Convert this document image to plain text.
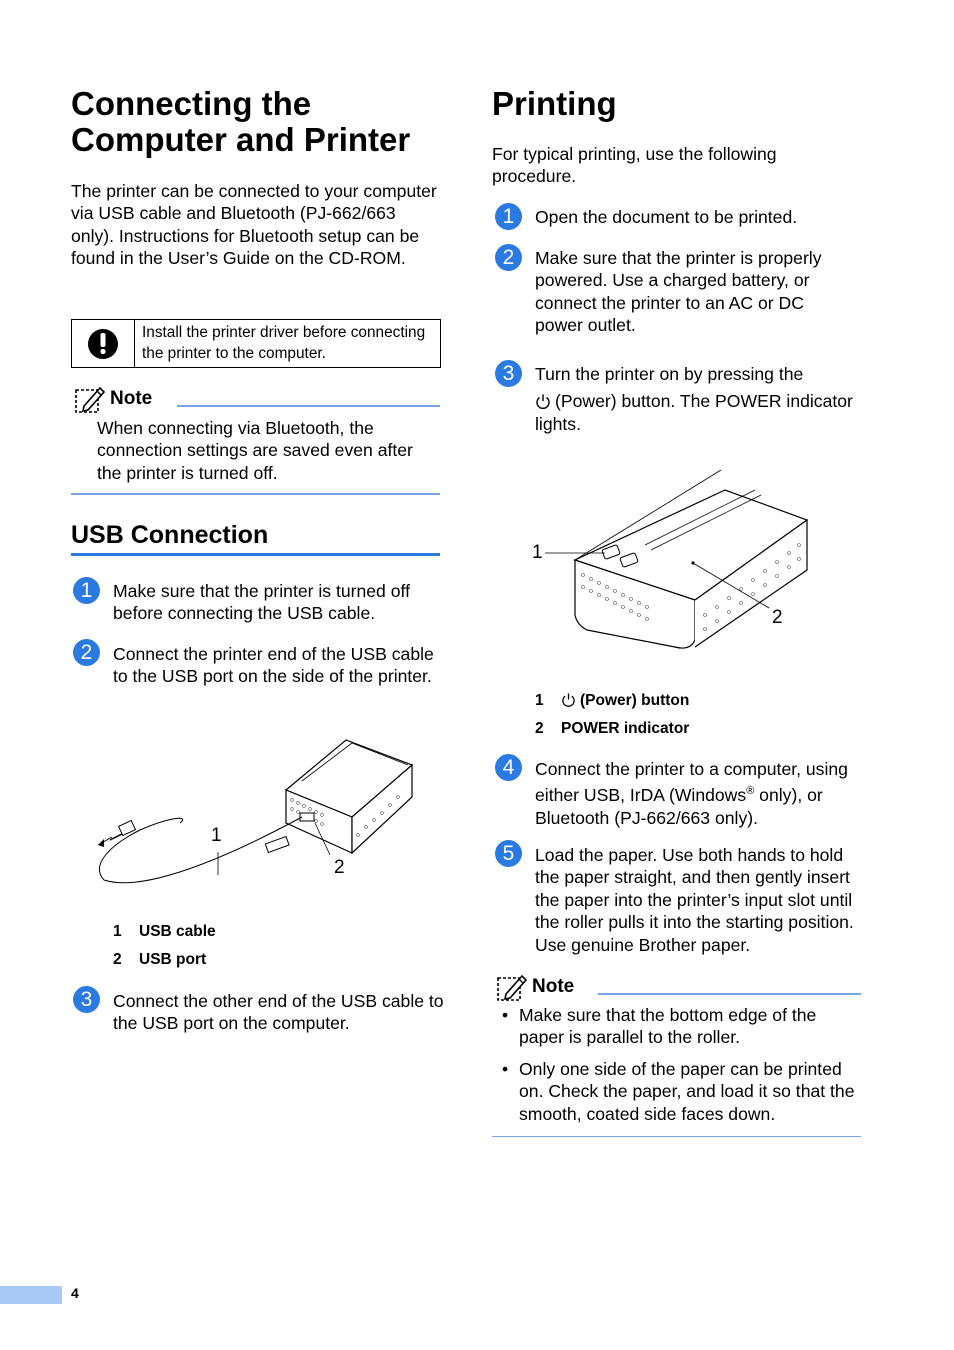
Connecting the Computer and Printer
The printer can be connected to your computer via USB cable and Bluetooth (PJ-662/663 only). Instructions for Bluetooth setup can be found in the User’s Guide on the CD-ROM.
Install the printer driver before connecting the printer to the computer.
Note
When connecting via Bluetooth, the connection settings are saved even after the printer is turned off.
USB Connection
1	Make sure that the printer is turned off before connecting the USB cable.
2	Connect the printer end of the USB cable to the USB port on the side of the printer.
1
2
1 USB cable
2 USB port
3	Connect the other end of the USB cable to the USB port on the computer.
Printing
For typical printing, use the following procedure.
1	Open the document to be printed.
2	Make sure that the printer is properly powered. Use a charged battery, or connect the printer to an AC or DC power outlet.
3	Turn the printer on by pressing the
(Power) button. The POWER indicator lights.
1
2
1 (Power) button
2 POWER indicator
4	Connect the printer to a computer, using either USB, IrDA (Windows® only), or Bluetooth (PJ-662/663 only).
5	Load the paper. Use both hands to hold the paper straight, and then gently insert the paper into the printer’s input slot until the roller pulls it into the starting position. Use genuine Brother paper.
Note
• Make sure that the bottom edge of the paper is parallel to the roller.
• Only one side of the paper can be printed on. Check the paper, and load it so that the smooth, coated side faces down.
4
